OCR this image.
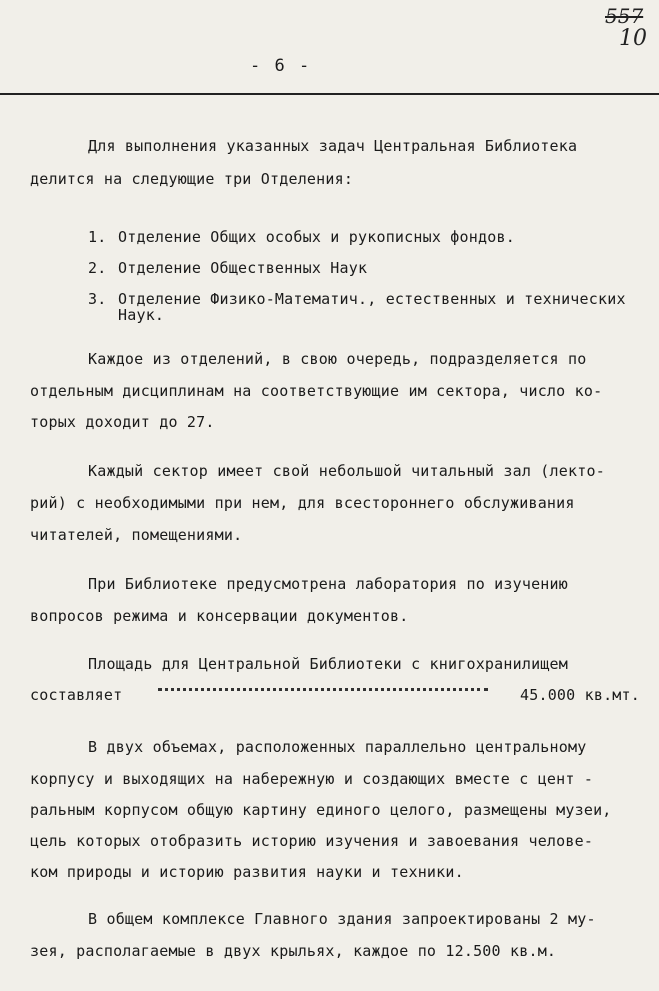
557
10
- 6 -
Для выполнения указанных задач Центральная Библиотека
делится на следующие три Отделения:
1. Отделение Общих особых и рукописных фондов.
2. Отделение Общественных Наук
3. Отделение Физико-Математич., естественных и технических
Наук.
Каждое из отделений, в свою очередь, подразделяется по
отдельным дисциплинам на соответствующие им сектора, число ко-
торых доходит до 27.
Каждый сектор имеет свой небольшой читальный зал (лекто-
рий) с необходимыми при нем, для всестороннего обслуживания
читателей, помещениями.
При Библиотеке предусмотрена лаборатория по изучению
вопросов режима и консервации документов.
Площадь для Центральной Библиотеки с книгохранилищем
составляет	45.000 кв.мт.
В двух объемах, расположенных параллельно центральному
корпусу и выходящих на набережную и создающих вместе с цент -
ральным корпусом общую картину единого целого, размещены музеи,
цель которых отобразить историю изучения и завоевания челове-
ком природы и историю развития науки и техники.
В общем комплексе Главного здания запроектированы 2 му-
зея, располагаемые в двух крыльях, каждое по 12.500 кв.м.
